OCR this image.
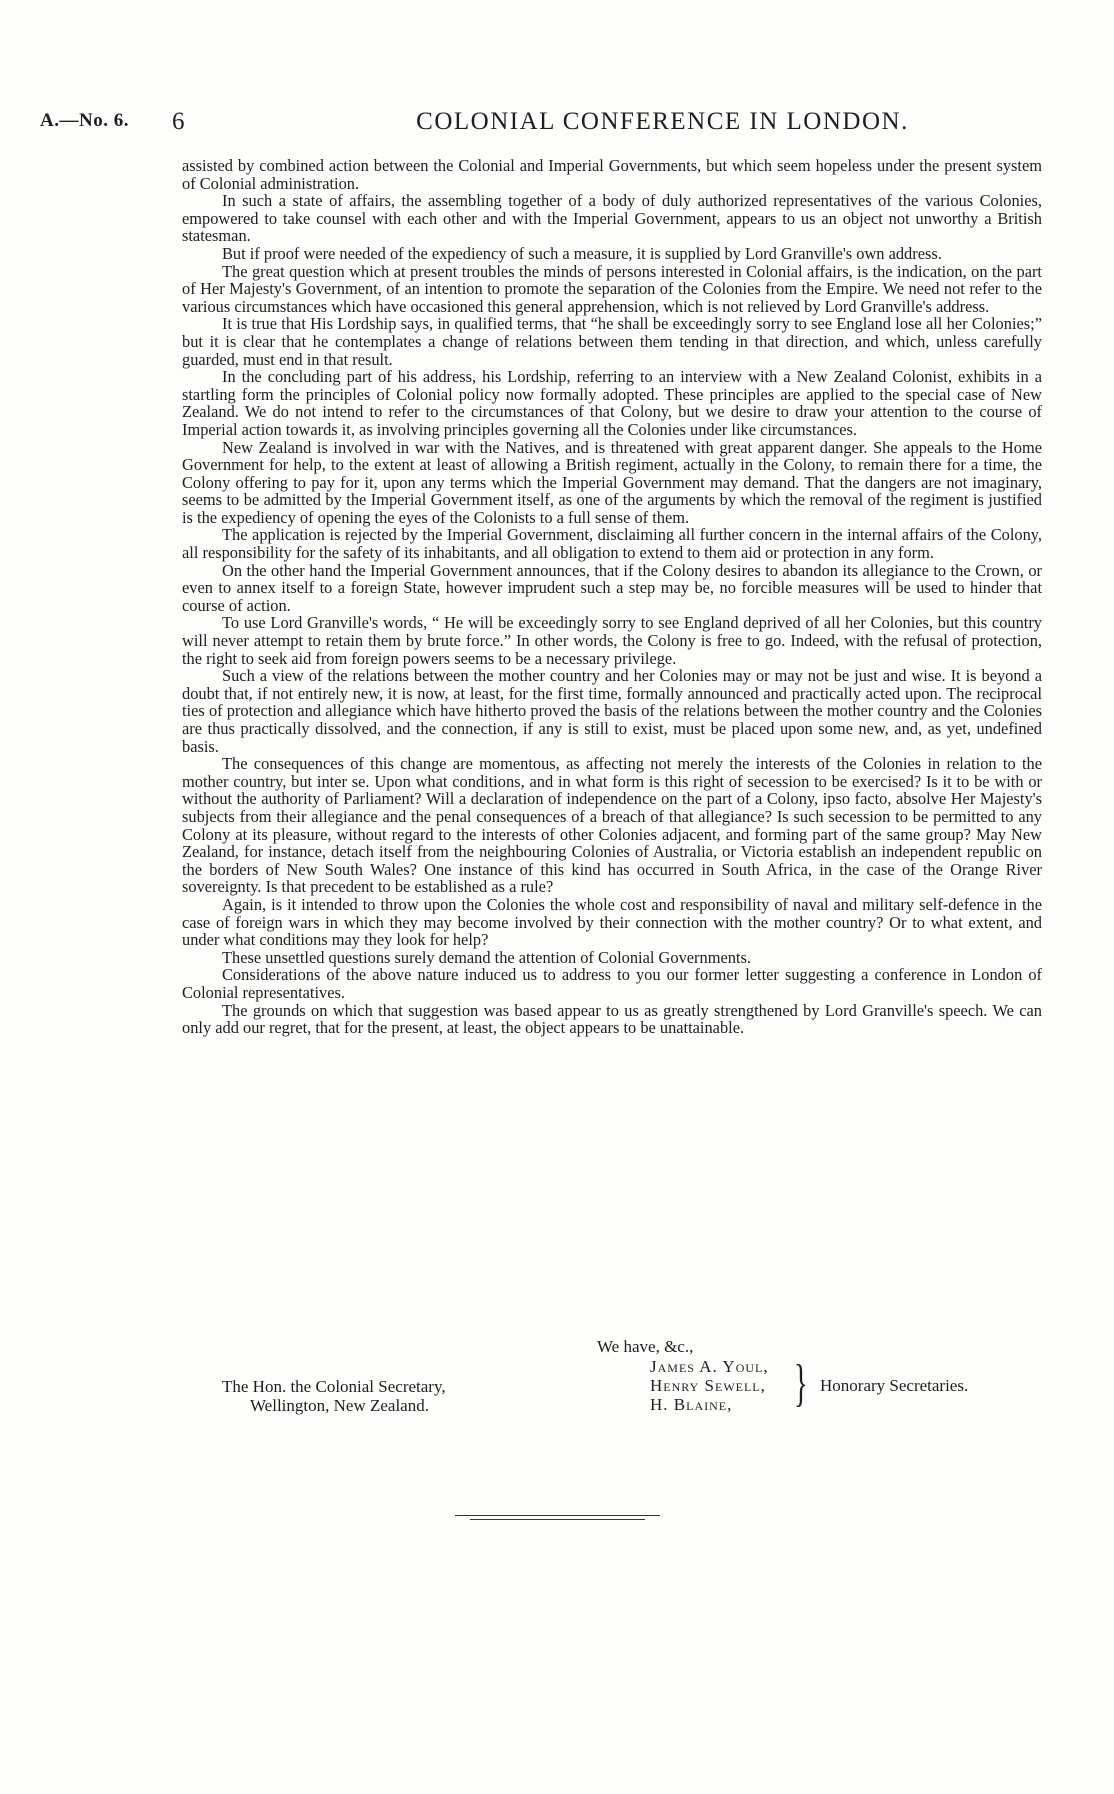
A.—No. 6. 6	COLONIAL CONFERENCE IN LONDON.

assisted by combined action between the Colonial and Imperial Governments, but which seem hopeless under the present system of Colonial administration.

In such a state of affairs, the assembling together of a body of duly authorized representatives of the various Colonies, empowered to take counsel with each other and with the Imperial Government, appears to us an object not unworthy a British statesman.

But if proof were needed of the expediency of such a measure, it is supplied by Lord Granville's own address.

The great question which at present troubles the minds of persons interested in Colonial affairs, is the indication, on the part of Her Majesty's Government, of an intention to promote the separation of the Colonies from the Empire. We need not refer to the various circumstances which have occasioned this general apprehension, which is not relieved by Lord Granville's address.

It is true that His Lordship says, in qualified terms, that “he shall be exceedingly sorry to see England lose all her Colonies;” but it is clear that he contemplates a change of relations between them tending in that direction, and which, unless carefully guarded, must end in that result.

In the concluding part of his address, his Lordship, referring to an interview with a New Zealand Colonist, exhibits in a startling form the principles of Colonial policy now formally adopted. These principles are applied to the special case of New Zealand. We do not intend to refer to the circumstances of that Colony, but we desire to draw your attention to the course of Imperial action towards it, as involving principles governing all the Colonies under like circumstances.

New Zealand is involved in war with the Natives, and is threatened with great apparent danger. She appeals to the Home Government for help, to the extent at least of allowing a British regiment, actually in the Colony, to remain there for a time, the Colony offering to pay for it, upon any terms which the Imperial Government may demand. That the dangers are not imaginary, seems to be admitted by the Imperial Government itself, as one of the arguments by which the removal of the regiment is justified is the expediency of opening the eyes of the Colonists to a full sense of them.

The application is rejected by the Imperial Government, disclaiming all further concern in the internal affairs of the Colony, all responsibility for the safety of its inhabitants, and all obligation to extend to them aid or protection in any form.

On the other hand the Imperial Government announces, that if the Colony desires to abandon its allegiance to the Crown, or even to annex itself to a foreign State, however imprudent such a step may be, no forcible measures will be used to hinder that course of action.

To use Lord Granville's words, “ He will be exceedingly sorry to see England deprived of all her Colonies, but this country will never attempt to retain them by brute force.” In other words, the Colony is free to go. Indeed, with the refusal of protection, the right to seek aid from foreign powers seems to be a necessary privilege.

Such a view of the relations between the mother country and her Colonies may or may not be just and wise. It is beyond a doubt that, if not entirely new, it is now, at least, for the first time, formally announced and practically acted upon. The reciprocal ties of protection and allegiance which have hitherto proved the basis of the relations between the mother country and the Colonies are thus practically dissolved, and the connection, if any is still to exist, must be placed upon some new, and, as yet, undefined basis.

The consequences of this change are momentous, as affecting not merely the interests of the Colonies in relation to the mother country, but inter se. Upon what conditions, and in what form is this right of secession to be exercised? Is it to be with or without the authority of Parliament? Will a declaration of independence on the part of a Colony, ipso facto, absolve Her Majesty's subjects from their allegiance and the penal consequences of a breach of that allegiance? Is such secession to be permitted to any Colony at its pleasure, without regard to the interests of other Colonies adjacent, and forming part of the same group? May New Zealand, for instance, detach itself from the neighbouring Colonies of Australia, or Victoria establish an independent republic on the borders of New South Wales? One instance of this kind has occurred in South Africa, in the case of the Orange River sovereignty. Is that precedent to be established as a rule?

Again, is it intended to throw upon the Colonies the whole cost and responsibility of naval and military self-defence in the case of foreign wars in which they may become involved by their connection with the mother country? Or to what extent, and under what conditions may they look for help?

These unsettled questions surely demand the attention of Colonial Governments.

Considerations of the above nature induced us to address to you our former letter suggesting a conference in London of Colonial representatives.

The grounds on which that suggestion was based appear to us as greatly strengthened by Lord Granville's speech. We can only add our regret, that for the present, at least, the object appears to be unattainable.

We have, &c.,
James A. Youl,
Henry Sewell,
H. Blaine,	} Honorary Secretaries.
The Hon. the Colonial Secretary,
Wellington, New Zealand.
